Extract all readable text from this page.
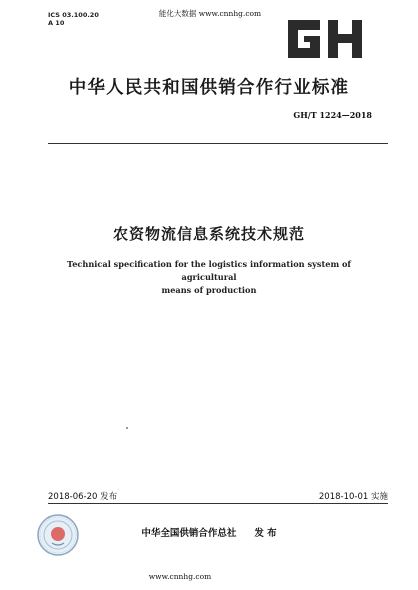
ICS 03.100.20
A 10
能化大数据 www.cnnhg.com
中华人民共和国供销合作行业标准
GH/T 1224—2018
农资物流信息系统技术规范
Technical specification for the logistics information system of agricultural
means of production
2018-06-20 发布	2018-10-01 实施
中华全国供销合作总社 发 布
www.cnnhg.com
